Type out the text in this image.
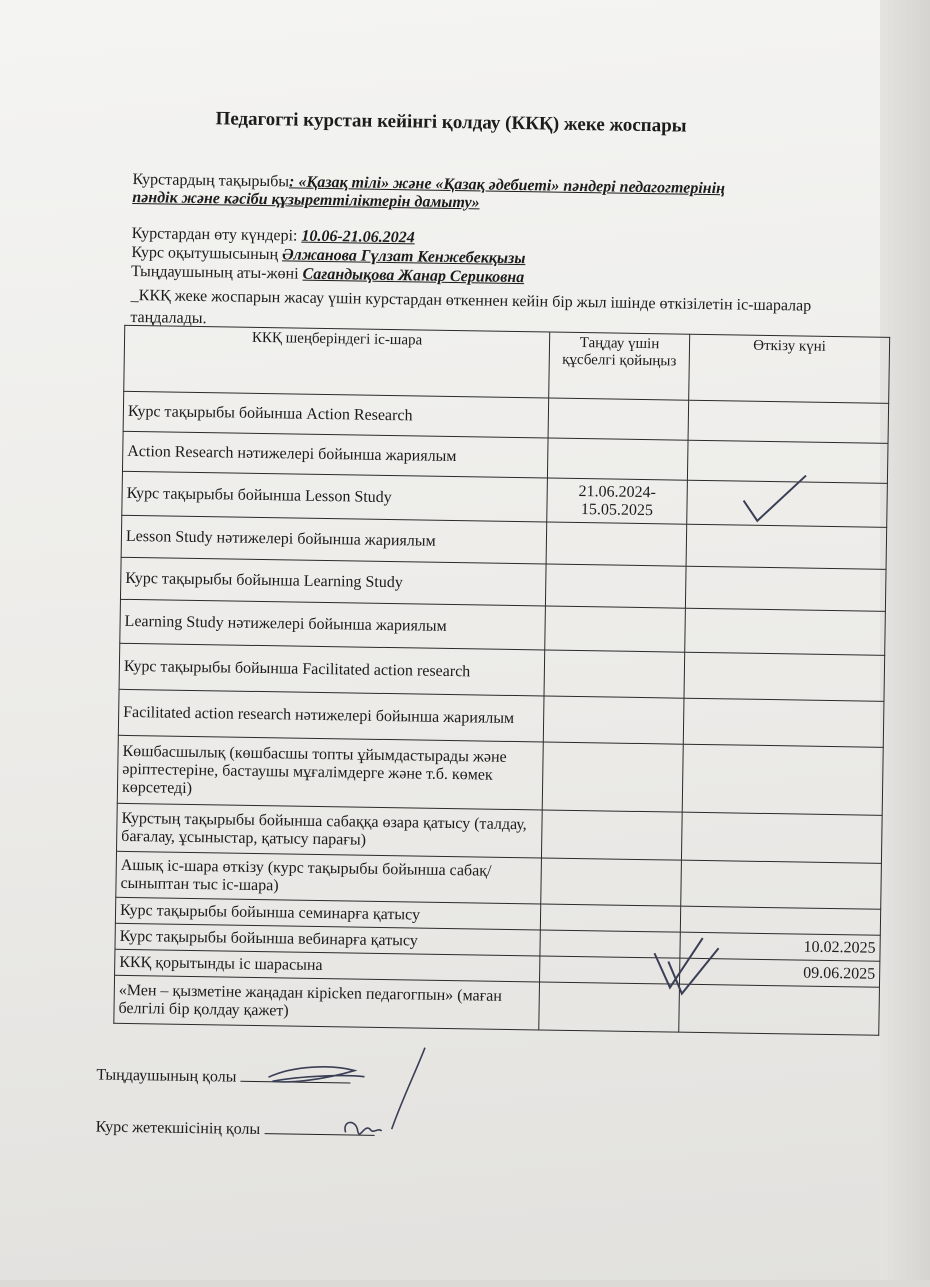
Педагогті курстан кейінгі қолдау (ККҚ) жеке жоспары
Курстардың тақырыбы: «Қазақ тілі» және «Қазақ әдебиеті» пәндері педагогтерінің
пәндік және кәсіби құзыреттіліктерін дамыту»
Курстардан өту күндері: 10.06-21.06.2024
Курс оқытушысының Әлжанова Гүлзат Кенжебекқызы
Тыңдаушының аты-жөні Сағандықова Жанар Сериковна
_ККҚ жеке жоспарын жасау үшін курстардан өткеннен кейін бір жыл ішінде өткізілетін іс-шаралар таңдалады.
ККҚ шеңберіндегі іс-шара	Таңдау үшін құсбелгі қойыңыз	Өткізу күні
Курс тақырыбы бойынша Action Research		
Action Research нәтижелері бойынша жариялым		
Курс тақырыбы бойынша Lesson Study	21.06.2024-15.05.2025	
Lesson Study нәтижелері бойынша жариялым		
Курс тақырыбы бойынша Learning Study		
Learning Study нәтижелері бойынша жариялым		
Курс тақырыбы бойынша Facilitated action research		
Facilitated action research нәтижелері бойынша жариялым		
Көшбасшылық (көшбасшы топты ұйымдастырады және әріптестеріне, бастаушы мұғалімдерге және т.б. көмек көрсетеді)		
Курстың тақырыбы бойынша сабаққа өзара қатысу (талдау, бағалау, ұсыныстар, қатысу парағы)		
Ашық іс-шара өткізу (курс тақырыбы бойынша сабақ/ сыныптан тыс іс-шара)		
Курс тақырыбы бойынша семинарға қатысу		
Курс тақырыбы бойынша вебинарға қатысу		10.02.2025
ККҚ қорытынды іс шарасына		09.06.2025
«Мен – қызметіне жаңадан кірісken педагогпын» (маған белгілі бір қолдау қажет)		
Тыңдаушының қолы
Курс жетекшісінің қолы
